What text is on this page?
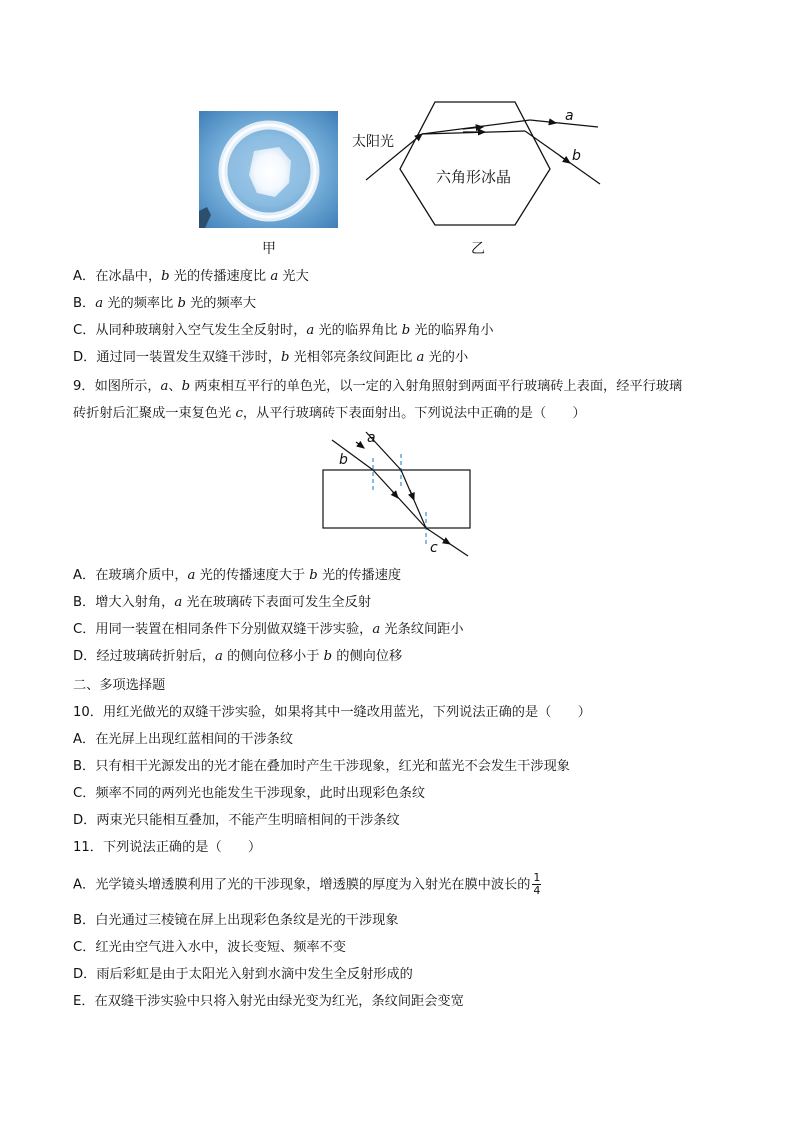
甲
太阳光
六角形冰晶
a
b
乙
A．在冰晶中，b 光的传播速度比 a 光大
B．a 光的频率比 b 光的频率大
C．从同种玻璃射入空气发生全反射时，a 光的临界角比 b 光的临界角小
D．通过同一装置发生双缝干涉时，b 光相邻亮条纹间距比 a 光的小
9．如图所示，a、b 两束相互平行的单色光，以一定的入射角照射到两面平行玻璃砖上表面，经平行玻璃
砖折射后汇聚成一束复色光 c，从平行玻璃砖下表面射出。下列说法中正确的是（　　）
a
b
c
A．在玻璃介质中，a 光的传播速度大于 b 光的传播速度
B．增大入射角，a 光在玻璃砖下表面可发生全反射
C．用同一装置在相同条件下分别做双缝干涉实验，a 光条纹间距小
D．经过玻璃砖折射后，a 的侧向位移小于 b 的侧向位移
二、多项选择题
10．用红光做光的双缝干涉实验，如果将其中一缝改用蓝光，下列说法正确的是（　　）
A．在光屏上出现红蓝相间的干涉条纹
B．只有相干光源发出的光才能在叠加时产生干涉现象，红光和蓝光不会发生干涉现象
C．频率不同的两列光也能发生干涉现象，此时出现彩色条纹
D．两束光只能相互叠加，不能产生明暗相间的干涉条纹
11．下列说法正确的是（　　）
A．光学镜头增透膜利用了光的干涉现象，增透膜的厚度为入射光在膜中波长的 $\frac{1}{4}$
B．白光通过三棱镜在屏上出现彩色条纹是光的干涉现象
C．红光由空气进入水中，波长变短、频率不变
D．雨后彩虹是由于太阳光入射到水滴中发生全反射形成的
E．在双缝干涉实验中只将入射光由绿光变为红光，条纹间距会变宽
